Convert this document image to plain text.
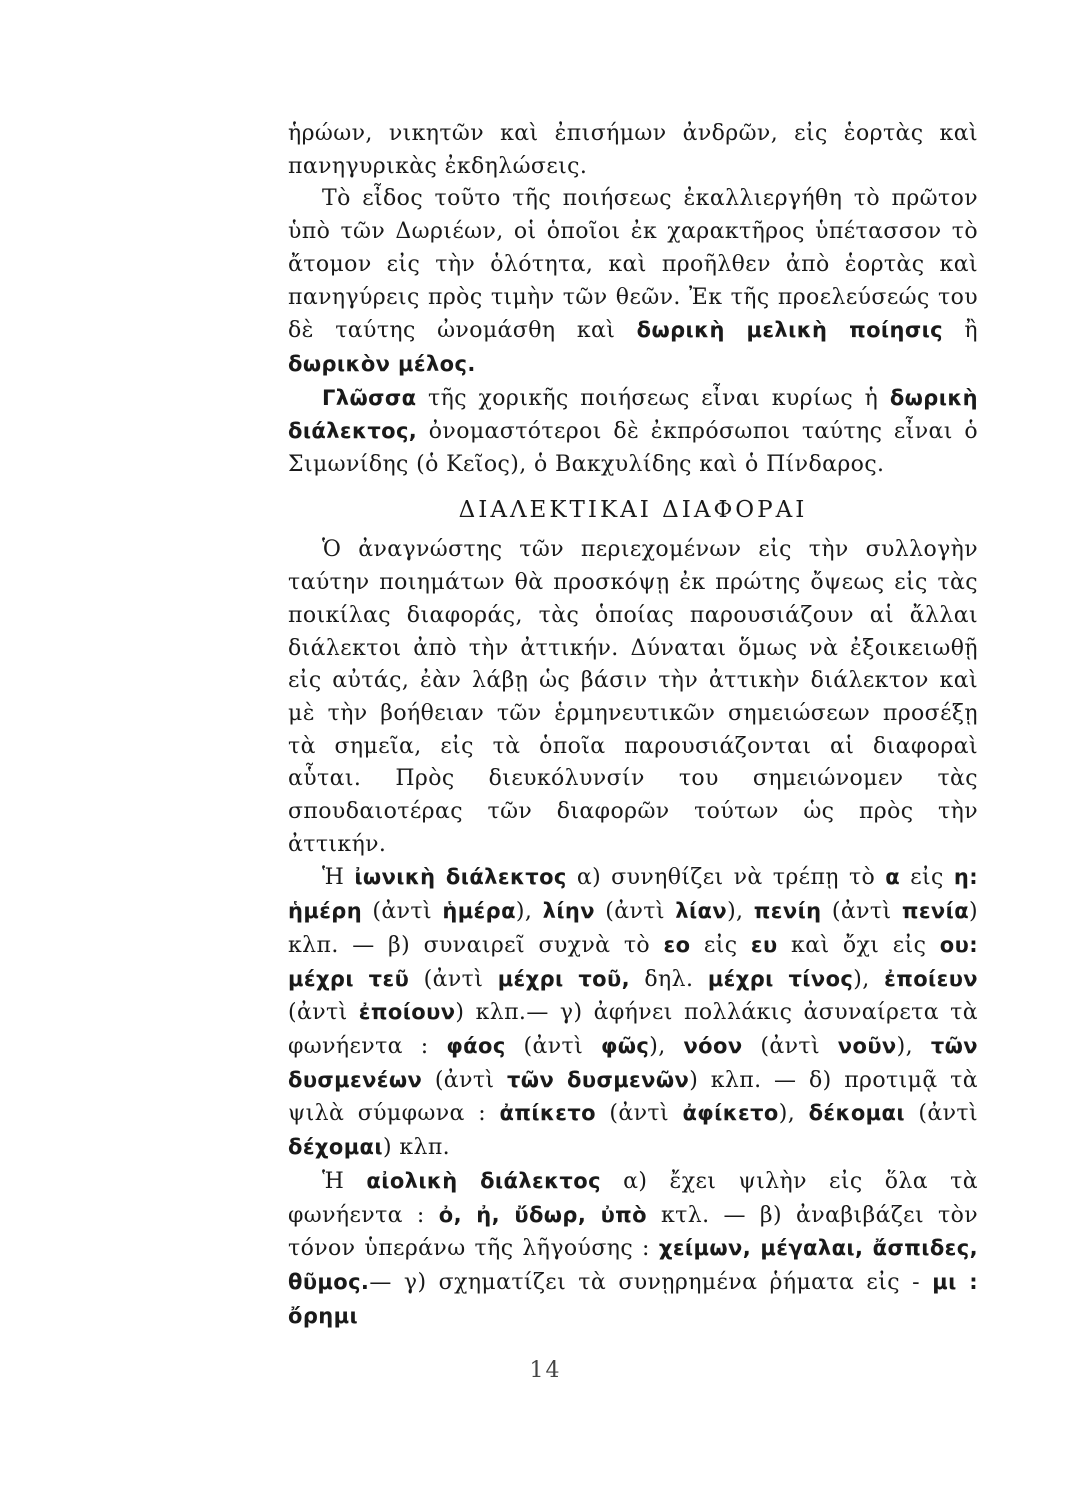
ἡρώων, νικητῶν καὶ ἐπισήμων ἀνδρῶν, εἰς ἑορτὰς καὶ πανηγυρικὰς ἐκδηλώσεις.

Τὸ εἶδος τοῦτο τῆς ποιήσεως ἐκαλλιεργήθη τὸ πρῶτον ὑπὸ τῶν Δωριέων, οἱ ὁποῖοι ἐκ χαρακτῆρος ὑπέτασσον τὸ ἄτομον εἰς τὴν ὁλότητα, καὶ προῆλθεν ἀπὸ ἑορτὰς καὶ πανηγύρεις πρὸς τιμὴν τῶν θεῶν. Ἐκ τῆς προελεύσεώς του δὲ ταύτης ὠνομάσθη καὶ δωρικὴ μελικὴ ποίησις ἢ δωρικὸν μέλος.

Γλῶσσα τῆς χορικῆς ποιήσεως εἶναι κυρίως ἡ δωρικὴ διάλεκτος, ὀνομαστότεροι δὲ ἐκπρόσωποι ταύτης εἶναι ὁ Σιμωνίδης (ὁ Κεῖος), ὁ Βακχυλίδης καὶ ὁ Πίνδαρος.

ΔΙΑΛΕΚΤΙΚΑΙ ΔΙΑΦΟΡΑΙ

Ὁ ἀναγνώστης τῶν περιεχομένων εἰς τὴν συλλογὴν ταύτην ποιημάτων θὰ προσκόψῃ ἐκ πρώτης ὄψεως εἰς τὰς ποικίλας διαφοράς, τὰς ὁποίας παρουσιάζουν αἱ ἄλλαι διάλεκτοι ἀπὸ τὴν ἀττικήν. Δύναται ὅμως νὰ ἐξοικειωθῇ εἰς αὐτάς, ἐὰν λάβῃ ὡς βάσιν τὴν ἀττικὴν διάλεκτον καὶ μὲ τὴν βοήθειαν τῶν ἑρμηνευτικῶν σημειώσεων προσέξῃ τὰ σημεῖα, εἰς τὰ ὁποῖα παρουσιάζονται αἱ διαφοραὶ αὗται. Πρὸς διευκόλυνσίν του σημειώνομεν τὰς σπουδαιοτέρας τῶν διαφορῶν τούτων ὡς πρὸς τὴν ἀττικήν.

Ἡ ἰωνικὴ διάλεκτος α) συνηθίζει νὰ τρέπῃ τὸ α εἰς η: ἡμέρη (ἀντὶ ἡμέρα), λίην (ἀντὶ λίαν), πενίη (ἀντὶ πενία) κλπ. — β) συναιρεῖ συχνὰ τὸ εο εἰς ευ καὶ ὄχι εἰς ου: μέχρι τεῦ (ἀντὶ μέχρι τοῦ, δηλ. μέχρι τίνος), ἐποίευν (ἀντὶ ἐποίουν) κλπ.— γ) ἀφήνει πολλάκις ἀσυναίρετα τὰ φωνήεντα : φάος (ἀντὶ φῶς), νόον (ἀντὶ νοῦν), τῶν δυσμενέων (ἀντὶ τῶν δυσμενῶν) κλπ. — δ) προτιμᾷ τὰ ψιλὰ σύμφωνα : ἀπίκετο (ἀντὶ ἀφίκετο), δέκομαι (ἀντὶ δέχομαι) κλπ.

Ἡ αἰολικὴ διάλεκτος α) ἔχει ψιλὴν εἰς ὅλα τὰ φωνήεντα : ὀ, ἠ, ὔδωρ, ὐπὸ κτλ. — β) ἀναβιβάζει τὸν τόνον ὑπεράνω τῆς λῆγούσης : χείμων, μέγαλαι, ἄσπιδες, θῦμος.— γ) σχηματίζει τὰ συνῃρημένα ῥήματα εἰς - μι : ὄρημι

14
